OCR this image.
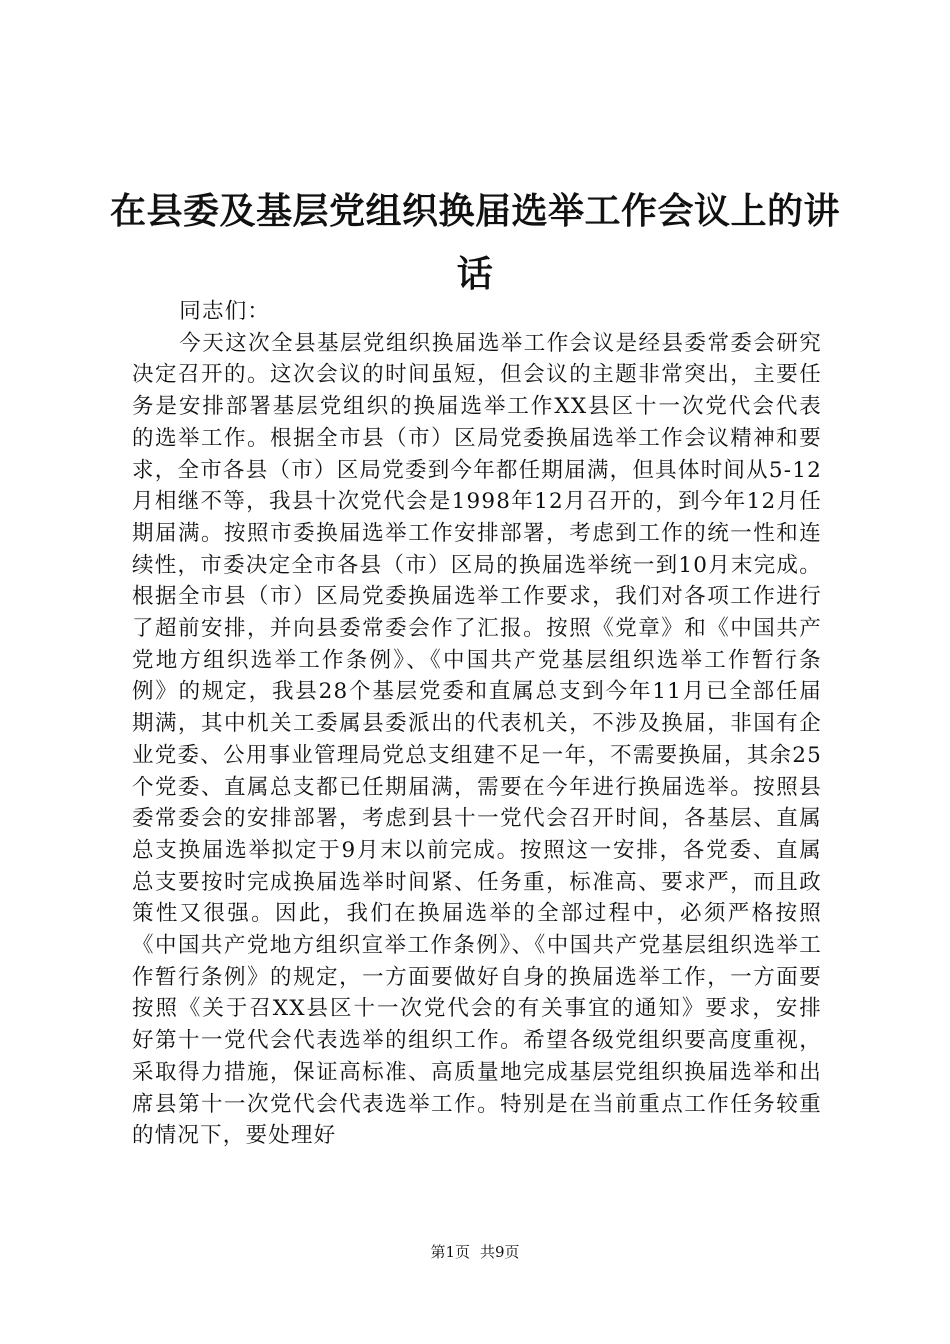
在县委及基层党组织换届选举工作会议上的讲话

同志们：

今天这次全县基层党组织换届选举工作会议是经县委常委会研究决定召开的。这次会议的时间虽短，但会议的主题非常突出，主要任务是安排部署基层党组织的换届选举工作XX县区十一次党代会代表的选举工作。根据全市县（市）区局党委换届选举工作会议精神和要求，全市各县（市）区局党委到今年都任期届满，但具体时间从5-12月相继不等，我县十次党代会是1998年12月召开的，到今年12月任期届满。按照市委换届选举工作安排部署，考虑到工作的统一性和连续性，市委决定全市各县（市）区局的换届选举统一到10月末完成。根据全市县（市）区局党委换届选举工作要求，我们对各项工作进行了超前安排，并向县委常委会作了汇报。按照《党章》和《中国共产党地方组织选举工作条例》、《中国共产党基层组织选举工作暂行条例》的规定，我县28个基层党委和直属总支到今年11月已全部任届期满，其中机关工委属县委派出的代表机关，不涉及换届，非国有企业党委、公用事业管理局党总支组建不足一年，不需要换届，其余25个党委、直属总支都已任期届满，需要在今年进行换届选举。按照县委常委会的安排部署，考虑到县十一党代会召开时间，各基层、直属总支换届选举拟定于9月末以前完成。按照这一安排，各党委、直属总支要按时完成换届选举时间紧、任务重，标准高、要求严，而且政策性又很强。因此，我们在换届选举的全部过程中，必须严格按照《中国共产党地方组织宣举工作条例》、《中国共产党基层组织选举工作暂行条例》的规定，一方面要做好自身的换届选举工作，一方面要按照《关于召XX县区十一次党代会的有关事宜的通知》要求，安排好第十一党代会代表选举的组织工作。希望各级党组织要高度重视，采取得力措施，保证高标准、高质量地完成基层党组织换届选举和出席县第十一次党代会代表选举工作。特别是在当前重点工作任务较重的情况下，要处理好

第1页 共9页
